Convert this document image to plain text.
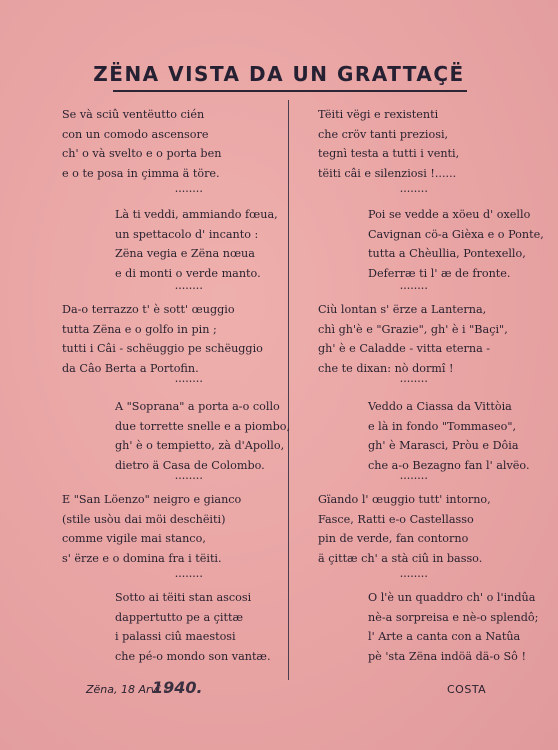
ZËNA VISTA DA UN GRATTAÇË
Se và sciû ventëutto cién
con un comodo ascensore
ch' o và svelto e o porta ben
e o te posa in çimma ä töre.
••••••••
Là ti veddi, ammiando fœua,
un spettacolo d' incanto :
Zëna vegia e Zëna nœua
e di monti o verde manto.
••••••••
Da-o terrazzo t' è sott' œuggio
tutta Zëna e o golfo in pin ;
tutti i Câi - schëuggio pe schëuggio
da Câo Berta a Portofin.
••••••••
A "Soprana" a porta a-o collo
due torrette snelle e a piombo,
gh' è o tempietto, zà d'Apollo,
dietro ä Casa de Colombo.
••••••••
E "San Löenzo" neigro e gianco
(stile usòu dai möi deschëiti)
comme vigile mai stanco,
s' ërze e o domina fra i tëiti.
••••••••
Sotto ai tëiti stan ascosi
dappertutto pe a çittæ
i palassi ciû maestosi
che pé-o mondo son vantæ.
Tëiti vëgi e rexistenti
che cröv tanti preziosi,
tegnì testa a tutti i venti,
tëiti câi e silenziosi !......
••••••••
Poi se vedde a xöeu d' oxello
Cavignan cö-a Gièxa e o Ponte,
tutta a Chèullia, Pontexello,
Deferræ ti l' æ de fronte.
••••••••
Ciù lontan s' ërze a Lanterna,
chì gh'è e "Grazie", gh' è i "Baçi",
gh' è e Caladde - vitta eterna -
che te dixan: nò dormî !
••••••••
Veddo a Ciassa da Vittòia
e là in fondo "Tommaseo",
gh' è Marasci, Pròu e Dôia
che a-o Bezagno fan l' alvëo.
••••••••
Gïando l' œuggio tutt' intorno,
Fasce, Ratti e-o Castellasso
pin de verde, fan contorno
ä çittæ ch' a stà ciû in basso.
••••••••
O l'è un quaddro ch' o l'indûa
nè-a sorpreisa e nè-o splendô;
l' Arte a canta con a Natûa
pè 'sta Zëna indöä dä-o Sô !
Zëna, 18 Arvî -
1940.	COSTA
